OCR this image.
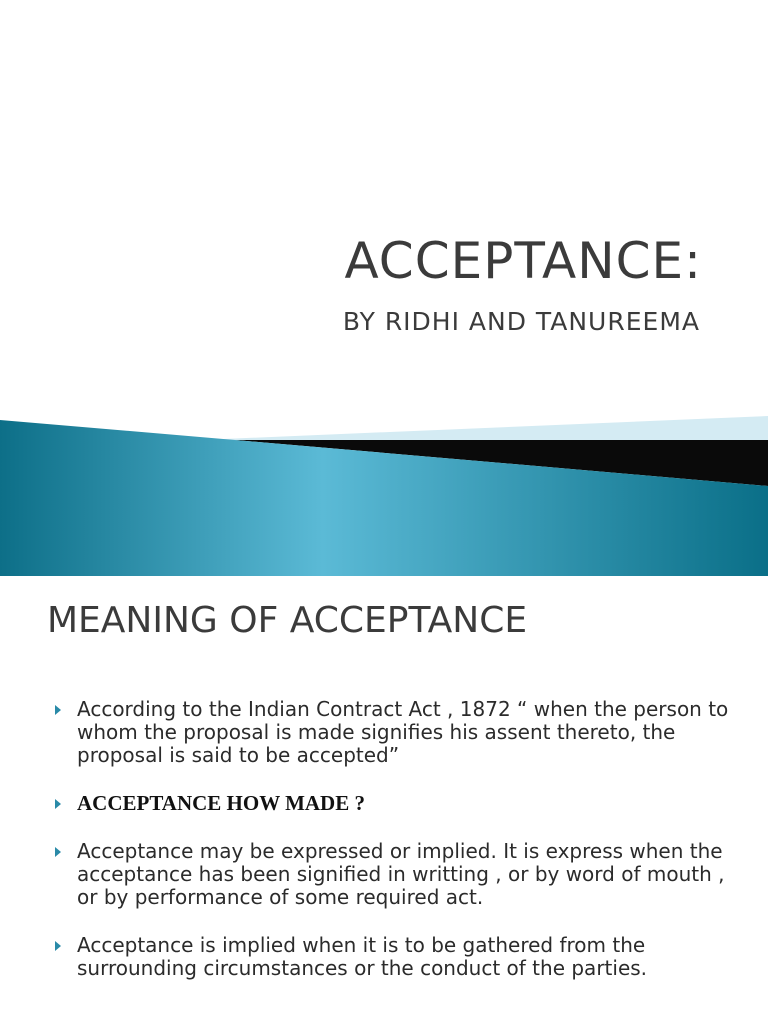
ACCEPTANCE:
BY RIDHI AND TANUREEMA
MEANING OF ACCEPTANCE
According to the Indian Contract Act , 1872 “ when the person to whom the proposal is made signifies his assent thereto, the proposal is said to be accepted”
ACCEPTANCE HOW MADE ?
Acceptance may be expressed or implied. It is express when the acceptance has been signified in writting , or by word of mouth , or by performance of some required act.
Acceptance is implied when it is to be gathered from the surrounding circumstances or the conduct of the parties.
